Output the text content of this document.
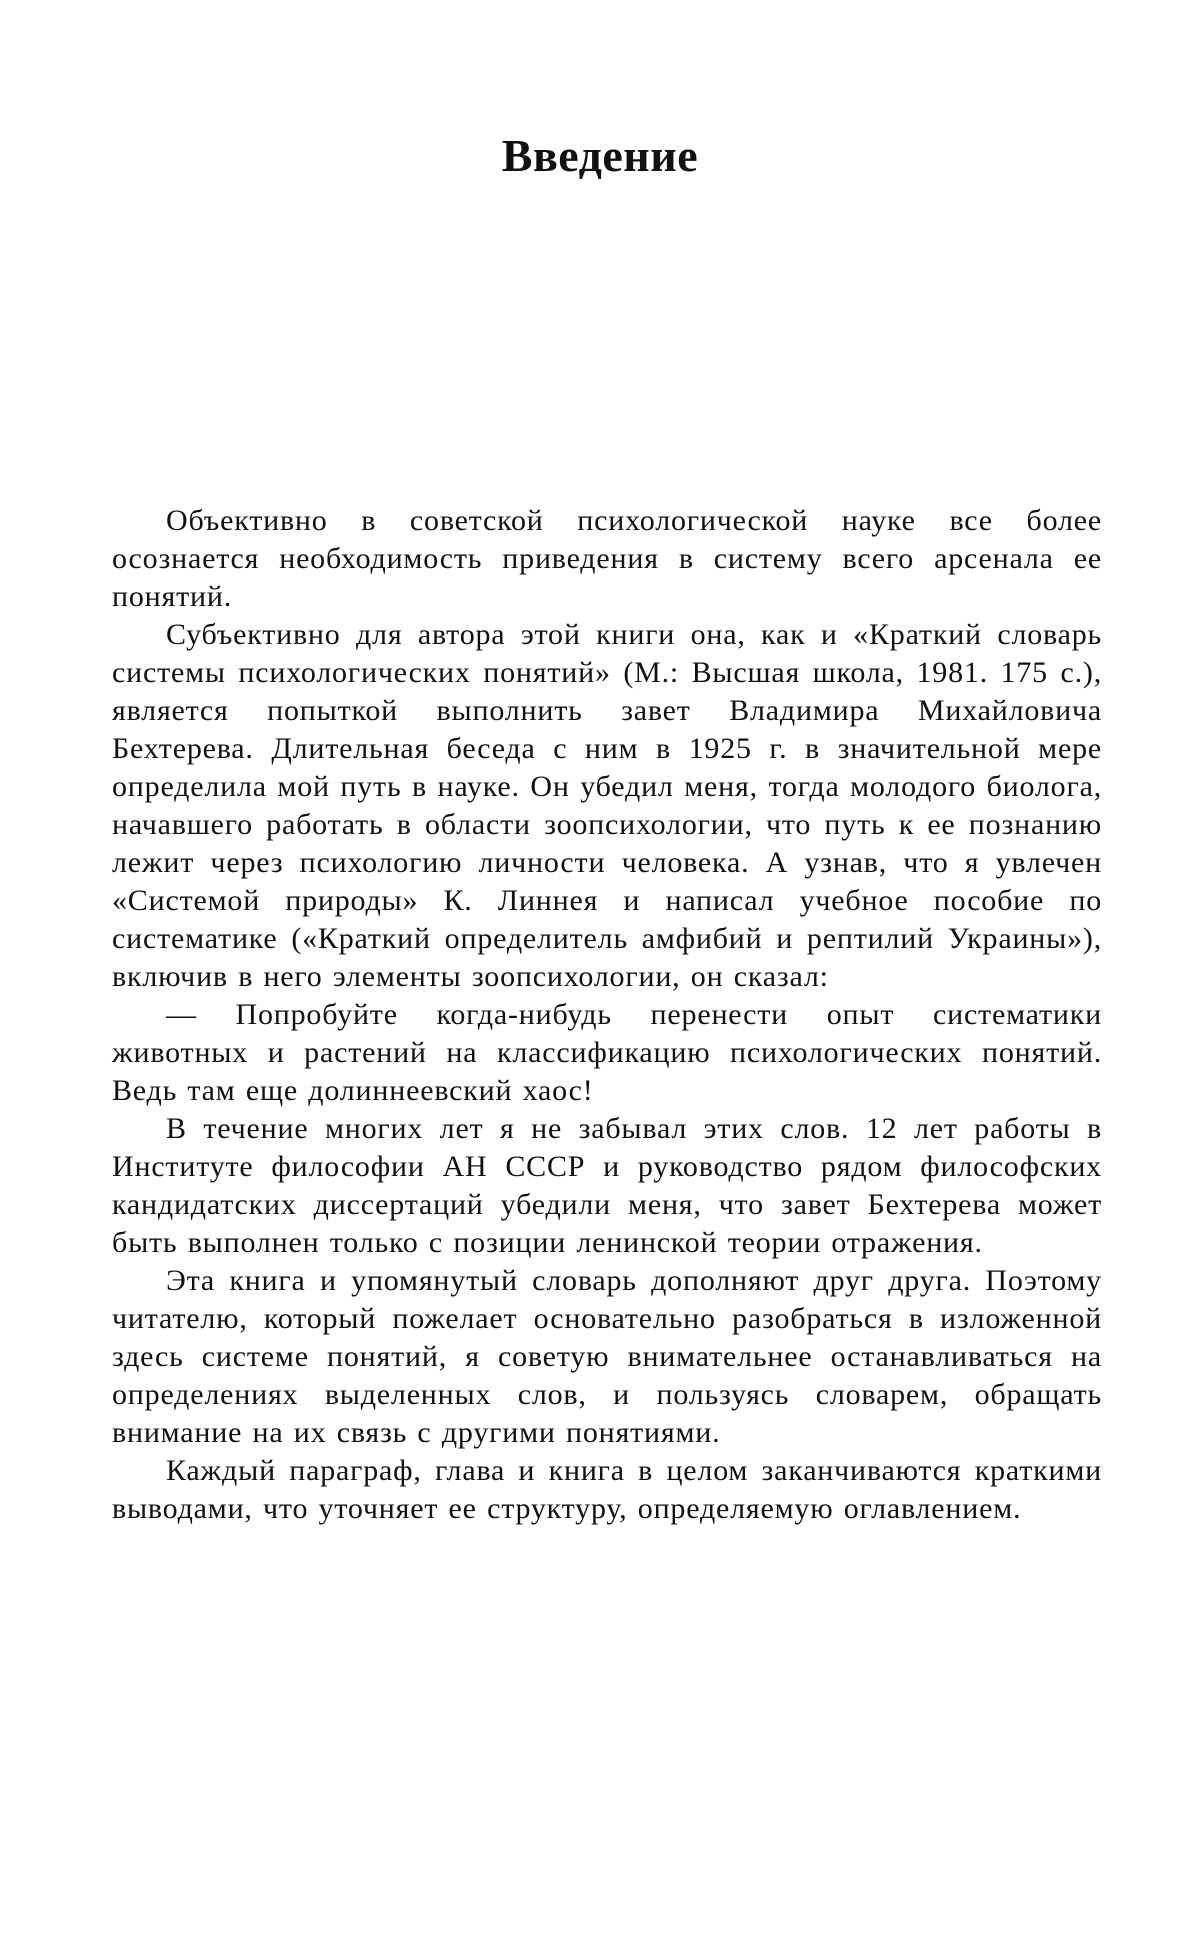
Введение

Объективно в советской психологической науке все более осознается необходимость приведения в систему всего арсенала ее понятий.

Субъективно для автора этой книги она, как и «Краткий словарь системы психологических понятий» (М.: Высшая школа, 1981. 175 с.), является попыткой выполнить завет Владимира Михайловича Бехтерева. Длительная беседа с ним в 1925 г. в значительной мере определила мой путь в науке. Он убедил меня, тогда молодого биолога, начавшего работать в области зоопсихологии, что путь к ее познанию лежит через психологию личности человека. А узнав, что я увлечен «Системой природы» К. Линнея и написал учебное пособие по систематике («Краткий определитель амфибий и рептилий Украины»), включив в него элементы зоопсихологии, он сказал:

— Попробуйте когда-нибудь перенести опыт систематики животных и растений на классификацию психологических понятий. Ведь там еще долиннеевский хаос!

В течение многих лет я не забывал этих слов. 12 лет работы в Институте философии АН СССР и руководство рядом философских кандидатских диссертаций убедили меня, что завет Бехтерева может быть выполнен только с позиции ленинской теории отражения.

Эта книга и упомянутый словарь дополняют друг друга. Поэтому читателю, который пожелает основательно разобраться в изложенной здесь системе понятий, я советую внимательнее останавливаться на определениях выделенных слов, и пользуясь словарем, обращать внимание на их связь с другими понятиями.

Каждый параграф, глава и книга в целом заканчиваются краткими выводами, что уточняет ее структуру, определяемую оглавлением.
